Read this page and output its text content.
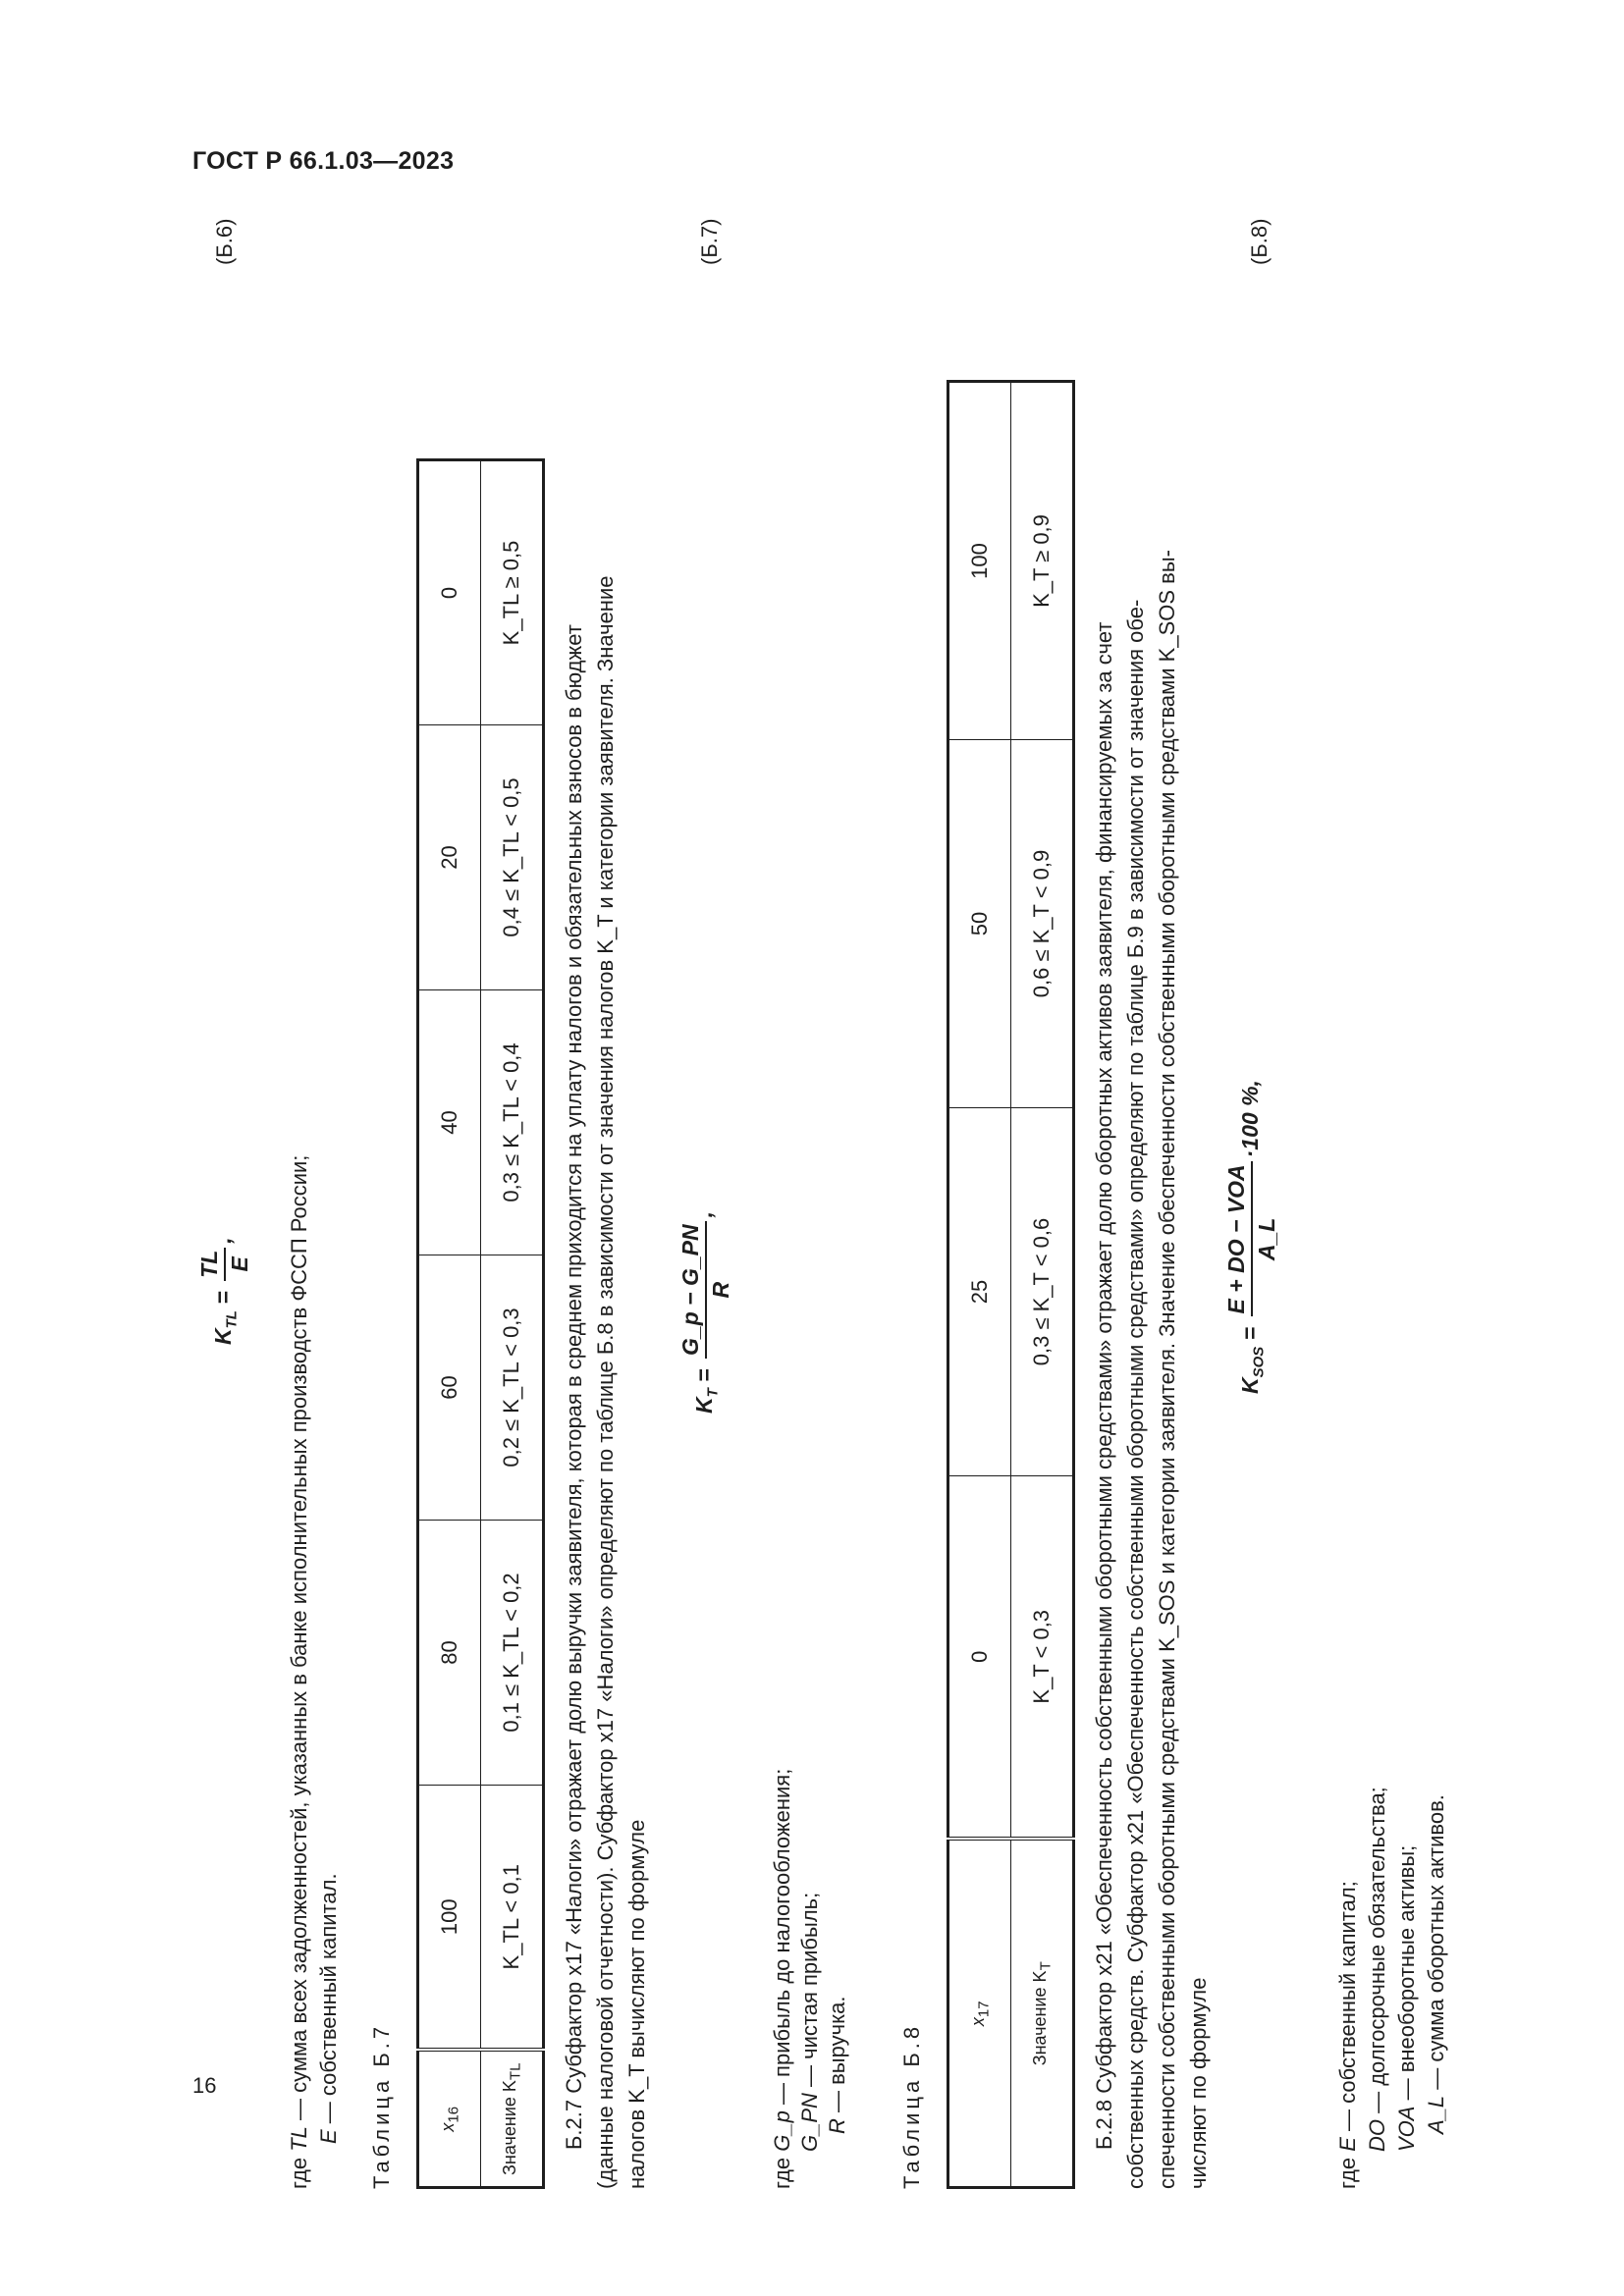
ГОСТ Р 66.1.03—2023
16
$K_{TL}$ =
TL E
,
(Б.6)
где TL — сумма всех задолженностей, указанных в банке исполнительных производств ФССП России;
E — собственный капитал. Таблица Б.7 $x_{16}$	100	80	60	40	20	0
Значение $K_{TL}$	K_TL < 0,1	0,1 ≤ K_TL < 0,2	0,2 ≤ K_TL < 0,3	0,3 ≤ K_TL < 0,4	0,4 ≤ K_TL < 0,5	K_TL ≥ 0,5
Б.2.7 Субфактор x17 «Налоги» отражает долю выручки заявителя, которая в среднем приходится на уплату налогов и обязательных взносов в бюджет (данные налоговой отчетности). Субфактор x17 «Налоги» определяют по таблице Б.8 в зависимости от значения налогов K_T и категории заявителя. Значение налогов K_T вычисляют по формуле
$K_T$ =
G_p − G_PN R
,
(Б.7)
где G_p — прибыль до налогообложения;
G_PN — чистая прибыль;
R — выручка. Таблица Б.8
$x_{17}$	0	25	50	100
Значение $K_T$	K_T < 0,3	0,3 ≤ K_T < 0,6	0,6 ≤ K_T < 0,9	K_T ≥ 0,9
Б.2.8 Субфактор x21 «Обеспеченность собственными оборотными средствами» отражает долю оборотных активов заявителя, финансируемых за счет собственных средств. Субфактор x21 «Обеспеченность собственными оборотными средствами» определяют по таблице Б.9 в зависимости от значения обе- спеченности собственными оборотными средствами K_SOS и категории заявителя. Значение обеспеченности собственными оборотными средствами K_SOS вы- числяют по формуле
$K_{SOS}$ =
E + DO − VOA A_L
·100 %,
(Б.8)
где E — собственный капитал; DO — долгосрочные обязательства;
VOA — внеоборотные активы;
A_L — сумма оборотных активов.
